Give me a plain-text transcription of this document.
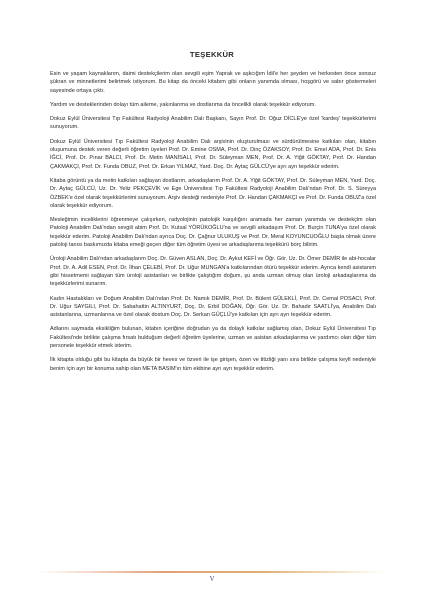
TEŞEKKÜR

Esin ve yaşam kaynaklarım, daimi destekçilerim olan sevgili eşim Yaprak ve aşkcığım İdil'e her şeyden ve herkesten önce sonsuz şükran ve minnetlerimi belirtmek istiyorum. Bu kitap da önceki kitabım gibi onların yanımda olması, hoşgörü ve sabır göstermeleri sayesinde ortaya çıktı.

Yardım ve desteklerinden dolayı tüm aileme, yakınlarıma ve dostlarıma da öncelikli olarak teşekkür ediyorum.

Dokuz Eylül Üniversitesi Tıp Fakültesi Radyoloji Anabilim Dalı Başkanı, Sayın Prof. Dr. Oğuz DİCLE'ye özel 'kardeş' teşekkürlerimi sunuyorum.

Dokuz Eylül Üniversitesi Tıp Fakültesi Radyoloji Anabilim Dalı arşivinin oluşturulması ve sürdürülmesine katkıları olan, kitabın oluşumuna destek veren değerli öğretim üyeleri Prof. Dr. Emine OSMA, Prof. Dr. Dinç ÖZAKSOY, Prof. Dr. Emel ADA, Prof. Dr. Enis İĞCİ, Prof. Dr. Pınar BALCI, Prof. Dr. Metin MANİSALI, Prof. Dr. Süleyman MEN, Prof. Dr. A. Yiğit GÖKTAY, Prof. Dr. Handan ÇAKMAKÇI, Prof. Dr. Funda OBUZ, Prof. Dr. Erkan YILMAZ, Yard. Doç. Dr. Aytaç GÜLCÜ'ye ayrı ayrı teşekkür ederim.

Kitaba görüntü ya da metin katkıları sağlayan dostlarım, arkadaşlarım Prof. Dr. A. Yiğit GÖKTAY, Prof. Dr. Süleyman MEN, Yard. Doç. Dr. Aytaç GÜLCÜ, Uz. Dr. Yeliz PEKÇEVİK ve Ege Üniversitesi Tıp Fakültesi Radyoloji Anabilim Dalı'ndan Prof. Dr. S. Süreyya ÖZBEK'e özel olarak teşekkürlerimi sunuyorum. Arşiv desteği nedeniyle Prof. Dr. Handan ÇAKMAKÇI ve Prof. Dr. Funda OBUZ'a özel olarak teşekkür ediyorum.

Mesleğimin inceliklerini öğrenmeye çalışırken, radyolojinin patolojik karşılığını aramada her zaman yanımda ve destekçim olan Patoloji Anabilim Dalı'ndan sevgili abim Prof. Dr. Kutsal YÖRÜKOĞLU'na ve sevgili arkadaşım Prof. Dr. Burçin TUNA'ya özel olarak teşekkür ederim. Patoloji Anabilim Dalı'ndan ayrıca Doç. Dr. Çağnur ULUKUŞ ve Prof. Dr. Meral KOYUNCUOĞLU başta olmak üzere patoloji tanısı baskımızda kitaba emeği geçen diğer tüm öğretim üyesi ve arkadaşlarıma teşekkürü borç bilirim.

Üroloji Anabilim Dalı'ndan arkadaşlarım Doç. Dr. Güven ASLAN, Doç. Dr. Aykut KEFİ ve Öğr. Gör. Uz. Dr. Ömer DEMİR ile abi-hocalar Prof. Dr. A. Adil ESEN, Prof. Dr. İlhan ÇELEBİ, Prof. Dr. Uğur MUNGAN'a katkılarından ötürü teşekkür ederim. Ayrıca kendi asistanım gibi hissetmemi sağlayan tüm üroloji asistanları ve birlikte çalıştığım doğum, şu anda uzman olmuş olan üroloji arkadaşlarıma da teşekkürlerimi sunarım.

Kadın Hastalıkları ve Doğum Anabilim Dalı'ndan Prof. Dr. Namık DEMİR, Prof. Dr. Bülent GÜLEKLİ, Prof. Dr. Cemal POSACI, Prof. Dr. Uğur SAYGILI, Prof. Dr. Sabahattin ALTINYURT, Doç. Dr. Erbil DOĞAN, Öğr. Gör. Uz. Dr. Bahadır SAATLİ'ya, Anabilim Dalı asistanlarına, uzmanlarına ve özel olarak dostum Doç. Dr. Serkan GÜÇLÜ'ye katkıları için ayrı ayrı teşekkür ederim.

Adlarını saymada eksikliğim bulunan, kitabın içeriğine doğrudan ya da dolaylı katkılar sağlamış olan, Dokuz Eylül Üniversitesi Tıp Fakültesi'nde birlikte çalışma fırsatı bulduğum değerli öğretim üyelerine, uzman ve asistan arkadaşlarıma ve yardımcı olan diğer tüm personele teşekkür etmek isterim.

İlk kitapta olduğu gibi bu kitapta da büyük bir heves ve özveri ile işe girişen, özen ve titizliği yanı sıra birlikte çalışma keyfi nedeniyle benim için ayrı bir konuma sahip olan META BASIM'ın tüm ekibine ayrı ayrı teşekkür ederim.

V
